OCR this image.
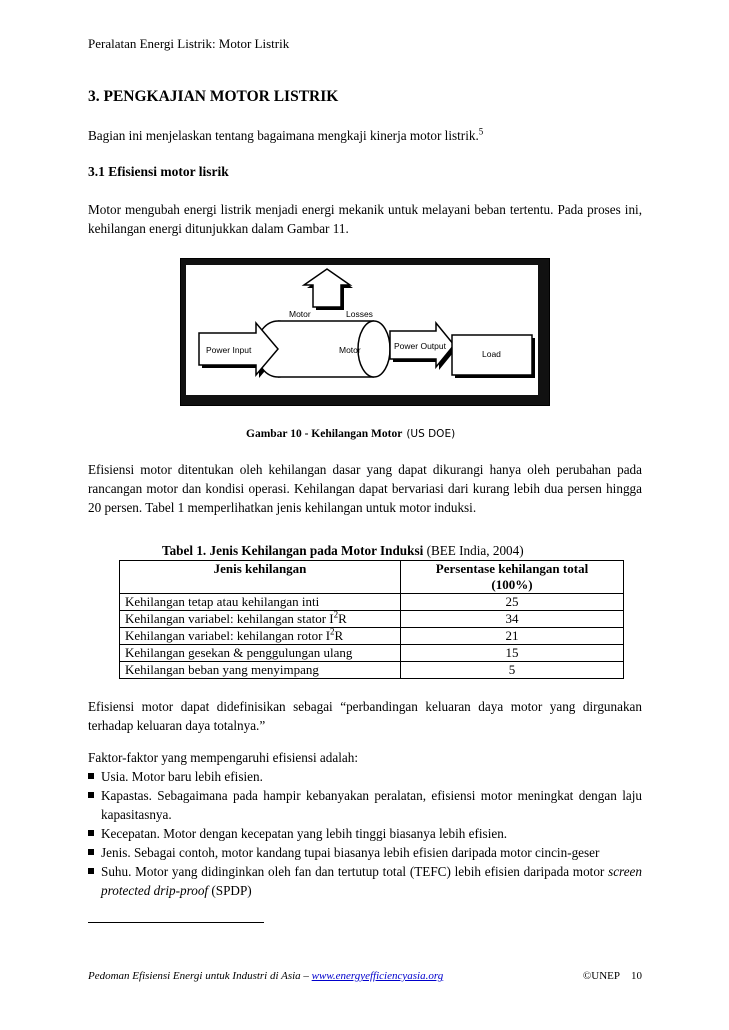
Peralatan Energi Listrik: Motor Listrik
3. PENGKAJIAN MOTOR LISTRIK
Bagian ini menjelaskan tentang bagaimana mengkaji kinerja motor listrik.$^5$
3.1 Efisiensi motor lisrik
Motor mengubah energi listrik menjadi energi mekanik untuk melayani beban tertentu. Pada proses ini, kehilangan energi ditunjukkan dalam Gambar 11.
Power Input
Motor	Losses
Motor	Power Output
Load
Gambar 10 - Kehilangan Motor (US DOE)
Efisiensi motor ditentukan oleh kehilangan dasar yang dapat dikurangi hanya oleh perubahan pada rancangan motor dan kondisi operasi. Kehilangan dapat bervariasi dari kurang lebih dua persen hingga 20 persen. Tabel 1 memperlihatkan jenis kehilangan untuk motor induksi.
Tabel 1. Jenis Kehilangan pada Motor Induksi (BEE India, 2004)
Jenis kehilangan	Persentase kehilangan total
(100%)
Kehilangan tetap atau kehilangan inti	25
Kehilangan variabel: kehilangan stator $I^2R$	34
Kehilangan variabel: kehilangan rotor $I^2R$	21
Kehilangan gesekan & penggulungan ulang	15
Kehilangan beban yang menyimpang	5
Efisiensi motor dapat didefinisikan sebagai “perbandingan keluaran daya motor yang dirgunakan terhadap keluaran daya totalnya.”
Faktor-faktor yang mempengaruhi efisiensi adalah:
Usia. Motor baru lebih efisien.
Kapastas. Sebagaimana pada hampir kebanyakan peralatan, efisiensi motor meningkat dengan laju kapasitasnya.
Kecepatan. Motor dengan kecepatan yang lebih tinggi biasanya lebih efisien.
Jenis. Sebagai contoh, motor kandang tupai biasanya lebih efisien daripada motor cincin-geser
Suhu. Motor yang didinginkan oleh fan dan tertutup total (TEFC) lebih efisien daripada motor screen protected drip-proof (SPDP)
Pedoman Efisiensi Energi untuk Industri di Asia – www.energyefficiencyasia.org	©UNEP 10
